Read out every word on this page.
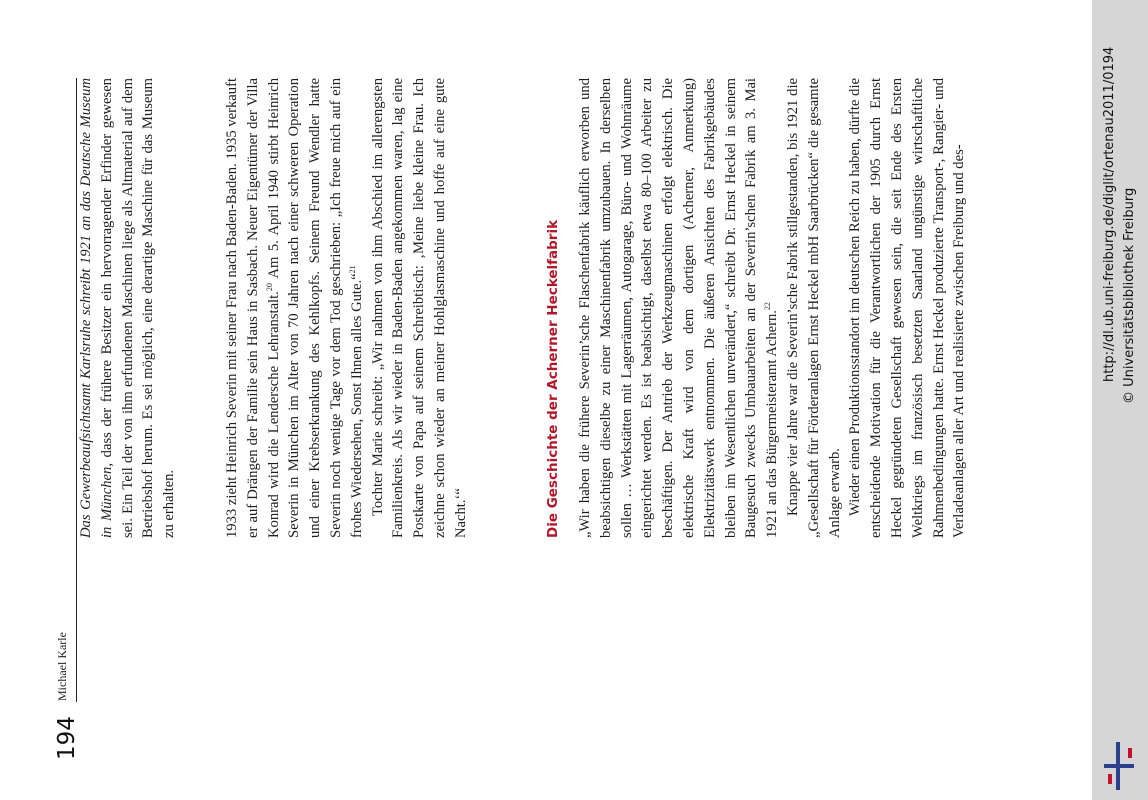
194
Michael Karle

Das Gewerbeaufsichtsamt Karlsruhe schreibt 1921 an das Deutsche Museum in München, dass der frühere Besitzer ein hervorragender Erfinder gewesen sei. Ein Teil der von ihm erfundenen Maschinen liege als Altmaterial auf dem Betriebshof herum. Es sei möglich, eine derartige Maschine für das Museum zu erhalten.	1933 zieht Heinrich Severin mit seiner Frau nach Baden-Baden. 1935 verkauft er auf Drängen der Familie sein Haus in Sasbach. Neuer Eigentümer der Villa Konrad wird die Lendersche Lehranstalt.$^{20}$ Am 5. April 1940 stirbt Heinrich Severin in München im Alter von 70 Jahren nach einer schweren Operation und einer Krebserkrankung des Kehlkopfs. Seinem Freund Wendler hatte Severin noch wenige Tage vor dem Tod geschrieben: „Ich freue mich auf ein frohes Wiedersehen, Sonst Ihnen alles Gute.“$^{21}$ Tochter Marie schreibt: „Wir nahmen von ihm Abschied im allerengsten Familienkreis. Als wir wieder in Baden-Baden angekommen waren, lag eine Postkarte von Papa auf seinem Schreibtisch: ‚Meine liebe kleine Frau. Ich zeichne schon wieder an meiner Hohlglasmaschine und hoffe auf eine gute Nacht.‘“	Die Geschichte der Acherner Heckelfabrik „Wir haben die frühere Severin’sche Flaschenfabrik käuflich erworben und beabsichtigen dieselbe zu einer Maschinenfabrik umzubauen. In derselben sollen … Werkstätten mit Lagerräumen, Autogarage, Büro- und Wohnräume eingerichtet werden. Es ist beabsichtigt, daselbst etwa 80–100 Arbeiter zu beschäftigen. Der Antrieb der Werkzeugmaschinen erfolgt elektrisch. Die elektrische Kraft wird von dem dortigen (Acherner, Anmerkung) Elektrizitätswerk entnommen. Die äußeren Ansichten des Fabrikgebäudes bleiben im Wesentlichen unverändert,“ schreibt Dr. Ernst Heckel in seinem Baugesuch zwecks Umbauarbeiten an der Severin’schen Fabrik am 3. Mai 1921 an das Bürgermeisteramt Achern.$^{22}$ Knappe vier Jahre war die Severin’sche Fabrik stillgestanden, bis 1921 die „Gesellschaft für Förderanlagen Ernst Heckel mbH Saarbrücken“ die gesamte Anlage erwarb. Wieder einen Produktionsstandort im deutschen Reich zu haben, dürfte die entscheidende Motivation für die Verantwortlichen der 1905 durch Ernst Heckel gegründeten Gesellschaft gewesen sein, die seit Ende des Ersten Weltkriegs im französisch besetzten Saarland ungünstige wirtschaftliche Rahmenbedingungen hatte. Ernst Heckel produzierte Transport-, Rangier- und Verladeanlagen aller Art und realisierte zwischen Freiburg und des-	http://dl.ub.uni-freiburg.de/diglit/ortenau2011/0194 © Universitätsbibliothek Freiburg
